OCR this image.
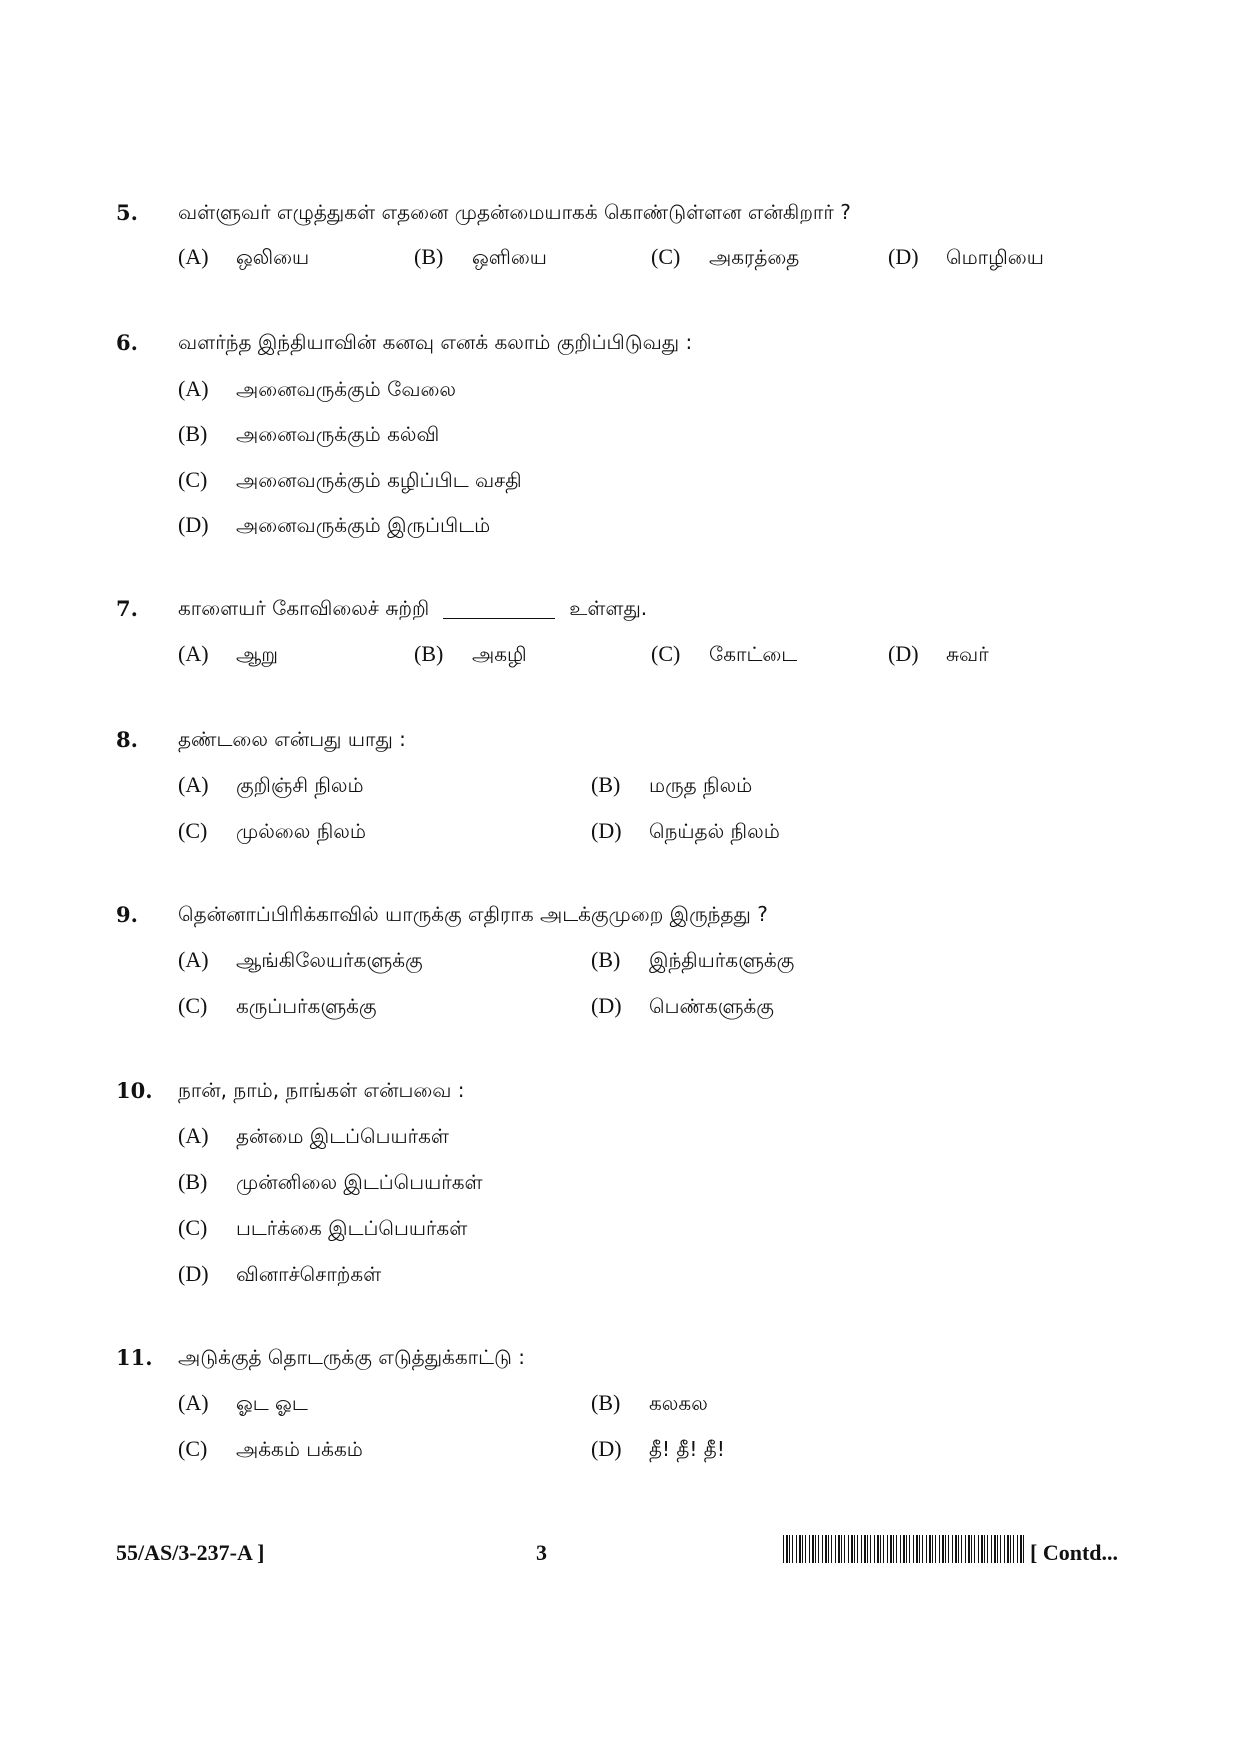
5. வள்ளுவர் எழுத்துகள் எதனை முதன்மையாகக் கொண்டுள்ளன என்கிறார் ?
(A) ஒலியை	(B) ஒளியை	(C) அகரத்தை	(D) மொழியை
6. வளர்ந்த இந்தியாவின் கனவு எனக் கலாம் குறிப்பிடுவது :
(A) அனைவருக்கும் வேலை
(B) அனைவருக்கும் கல்வி
(C) அனைவருக்கும் கழிப்பிட வசதி
(D) அனைவருக்கும் இருப்பிடம்
7. காளையர் கோவிலைச் சுற்றி	உள்ளது.
(A) ஆறு	(B) அகழி	(C) கோட்டை	(D) சுவர்
8. தண்டலை என்பது யாது :
(A) குறிஞ்சி நிலம்	(B) மருத நிலம்
(C) முல்லை நிலம்	(D) நெய்தல் நிலம்
9. தென்னாப்பிரிக்காவில் யாருக்கு எதிராக அடக்குமுறை இருந்தது ?
(A) ஆங்கிலேயர்களுக்கு	(B) இந்தியர்களுக்கு
(C) கருப்பர்களுக்கு	(D) பெண்களுக்கு
10. நான், நாம், நாங்கள் என்பவை :
(A) தன்மை இடப்பெயர்கள்
(B) முன்னிலை இடப்பெயர்கள்
(C) படர்க்கை இடப்பெயர்கள்
(D) வினாச்சொற்கள்
11. அடுக்குத் தொடருக்கு எடுத்துக்காட்டு :
(A) ஓட ஓட	(B) கலகல
(C) அக்கம் பக்கம்	(D) தீ! தீ! தீ!
55/AS/3-237-A ]	3	[ Contd...
